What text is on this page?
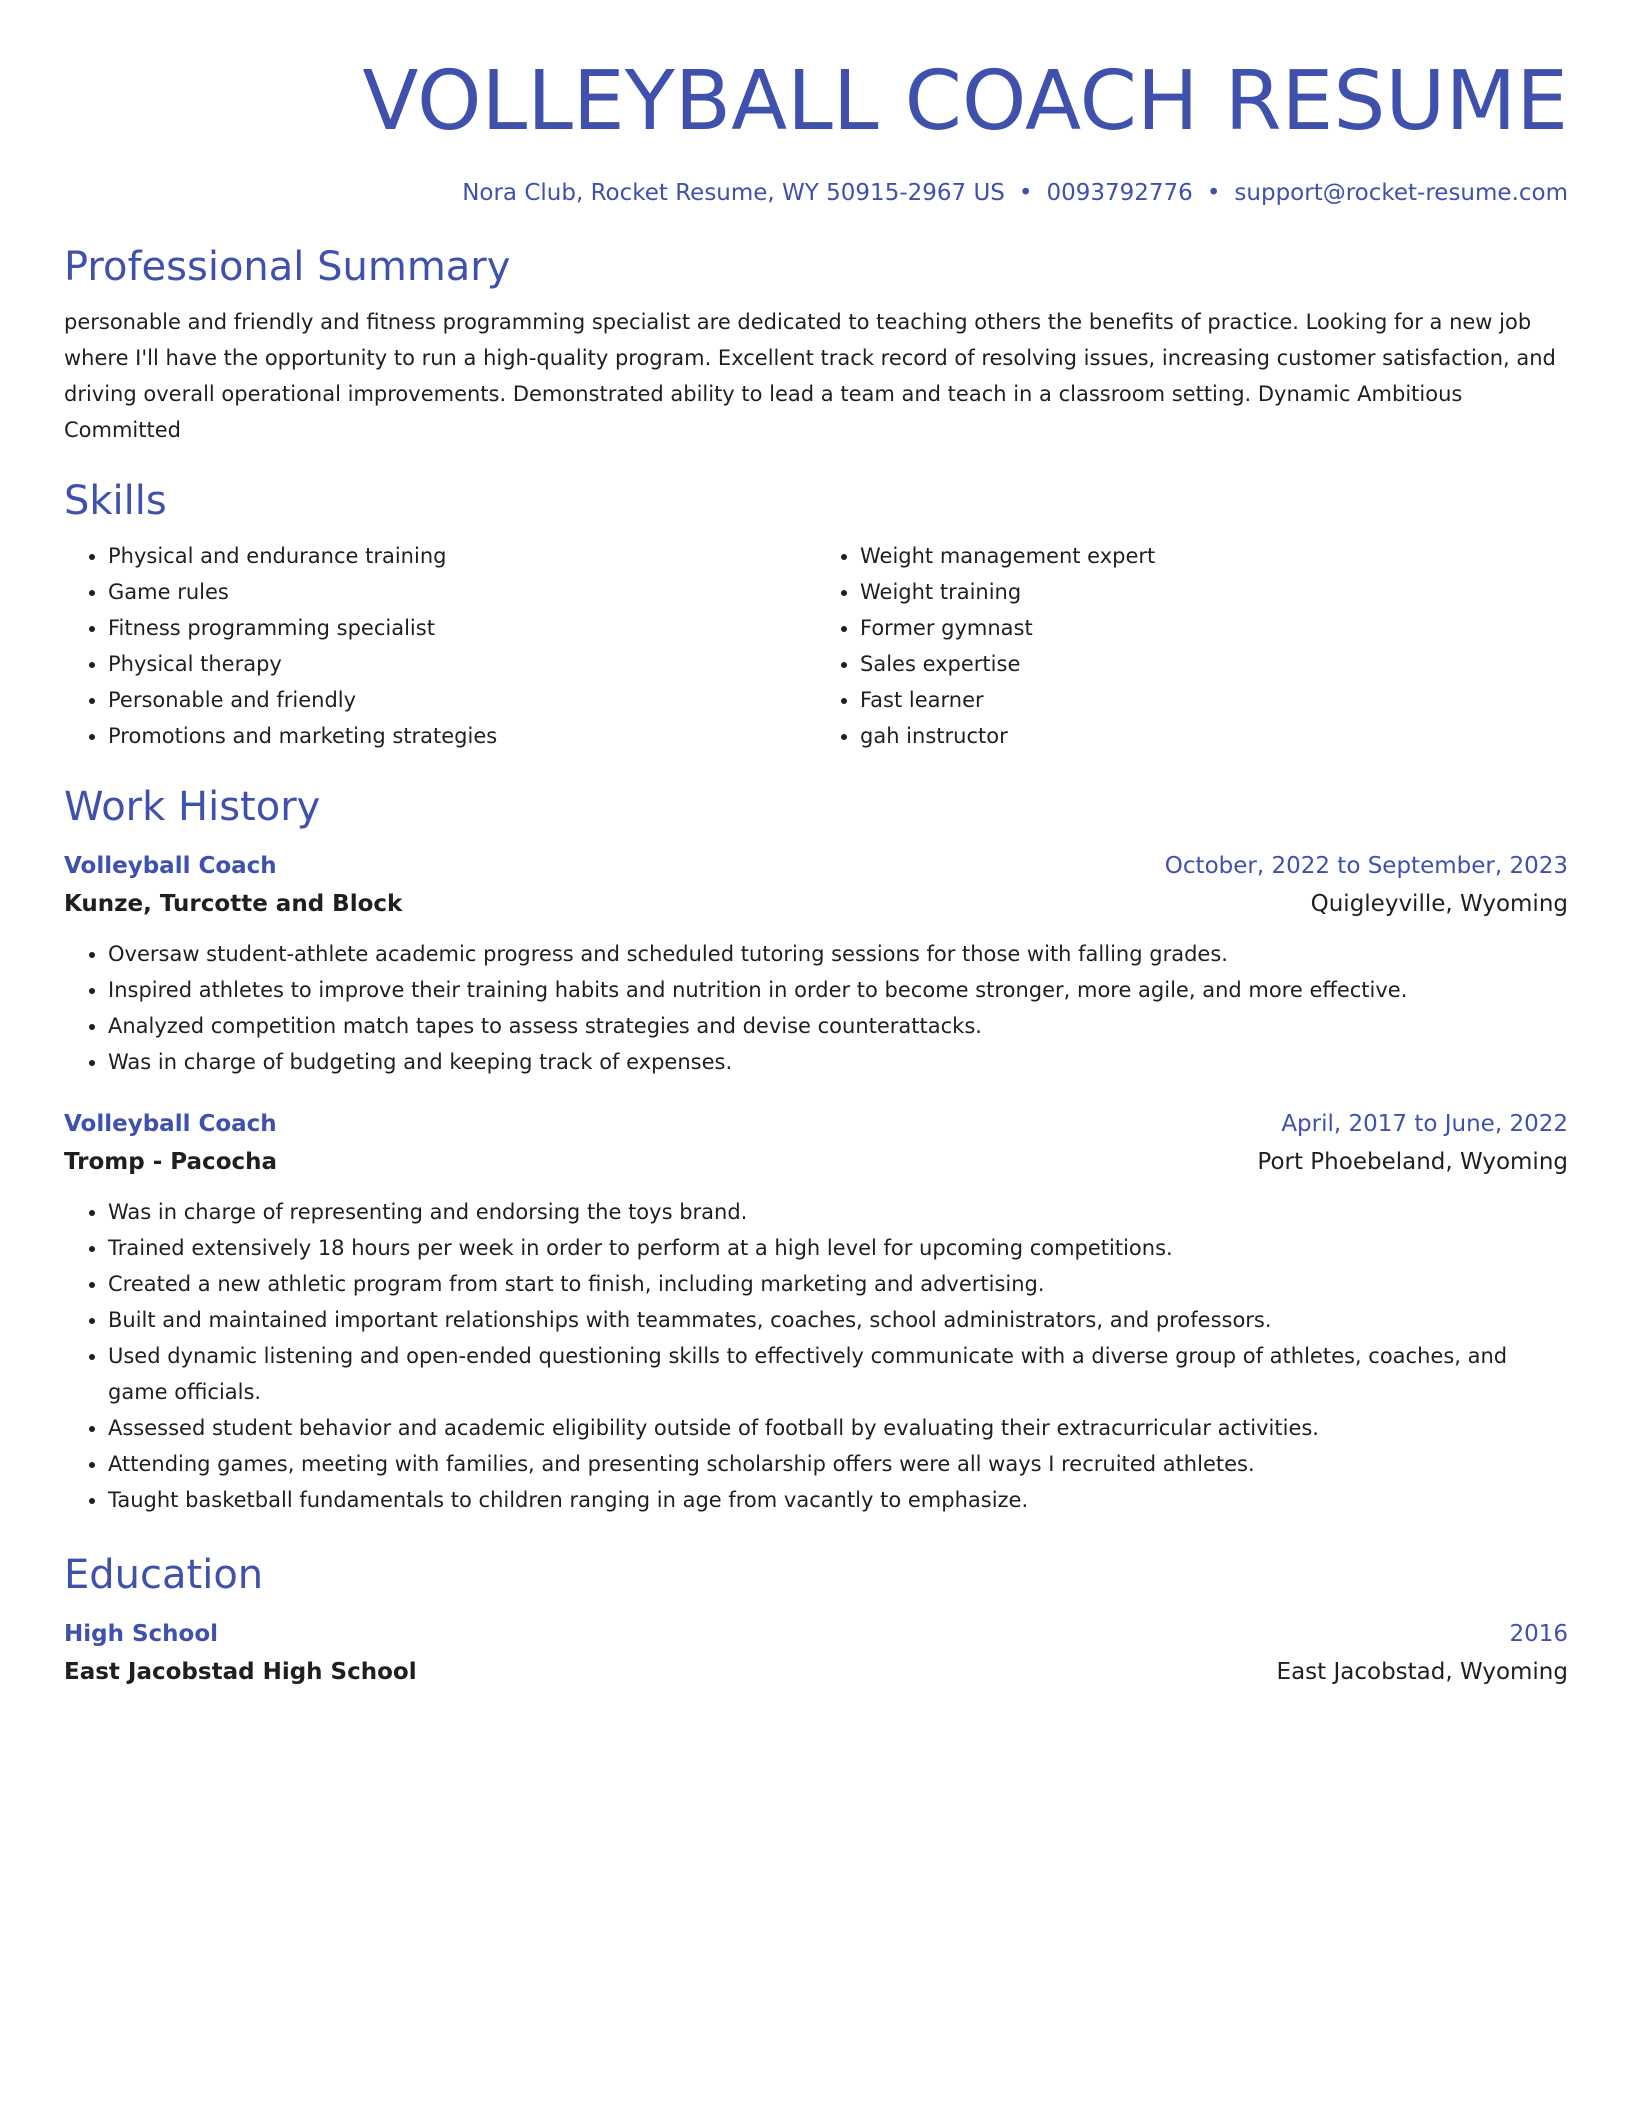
VOLLEYBALL COACH RESUME
Nora Club, Rocket Resume, WY 50915-2967 US • 0093792776 • support@rocket-resume.com
Professional Summary
personable and friendly and fitness programming specialist are dedicated to teaching others the benefits of practice. Looking for a new job where I'll have the opportunity to run a high-quality program. Excellent track record of resolving issues, increasing customer satisfaction, and driving overall operational improvements. Demonstrated ability to lead a team and teach in a classroom setting. Dynamic Ambitious Committed
Skills
• Physical and endurance training
• Game rules
• Fitness programming specialist
• Physical therapy
• Personable and friendly
• Promotions and marketing strategies
• Weight management expert
• Weight training
• Former gymnast
• Sales expertise
• Fast learner
• gah instructor
Work History
Volleyball Coach	October, 2022 to September, 2023
Kunze, Turcotte and Block	Quigleyville, Wyoming
• Oversaw student-athlete academic progress and scheduled tutoring sessions for those with falling grades.
• Inspired athletes to improve their training habits and nutrition in order to become stronger, more agile, and more effective.
• Analyzed competition match tapes to assess strategies and devise counterattacks.
• Was in charge of budgeting and keeping track of expenses.
Volleyball Coach	April, 2017 to June, 2022
Tromp - Pacocha	Port Phoebeland, Wyoming
• Was in charge of representing and endorsing the toys brand.
• Trained extensively 18 hours per week in order to perform at a high level for upcoming competitions.
• Created a new athletic program from start to finish, including marketing and advertising.
• Built and maintained important relationships with teammates, coaches, school administrators, and professors.
• Used dynamic listening and open-ended questioning skills to effectively communicate with a diverse group of athletes, coaches, and game officials.
• Assessed student behavior and academic eligibility outside of football by evaluating their extracurricular activities.
• Attending games, meeting with families, and presenting scholarship offers were all ways I recruited athletes.
• Taught basketball fundamentals to children ranging in age from vacantly to emphasize.
Education
High School	2016
East Jacobstad High School	East Jacobstad, Wyoming
